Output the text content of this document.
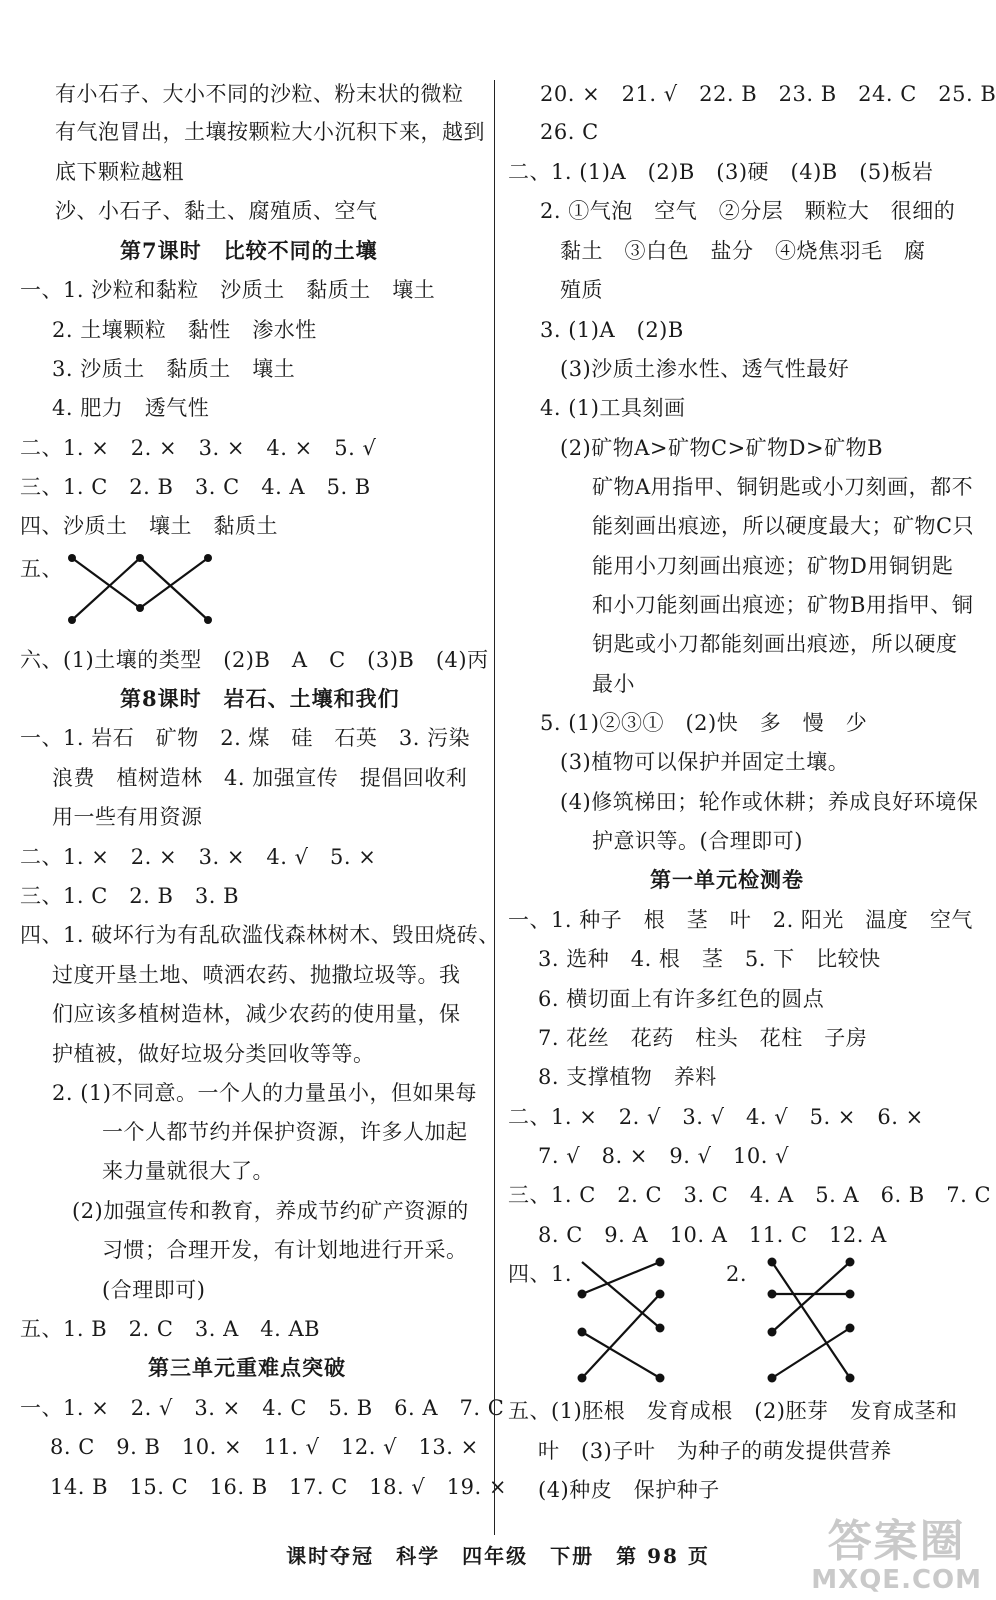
有小石子、大小不同的沙粒、粉末状的微粒
有气泡冒出，土壤按颗粒大小沉积下来，越到
底下颗粒越粗
沙、小石子、黏土、腐殖质、空气
第7课时　比较不同的土壤
一、1. 沙粒和黏粒　沙质土　黏质土　壤土
2. 土壤颗粒　黏性　渗水性
3. 沙质土　黏质土　壤土
4. 肥力　透气性
二、1. ×　2. ×　3. ×　4. ×　5. √
三、1. C　2. B　3. C　4. A　5. B
四、沙质土　壤土　黏质土
五、
六、(1)土壤的类型　(2)B　A　C　(3)B　(4)丙
第8课时　岩石、土壤和我们
一、1. 岩石　矿物　2. 煤　硅　石英　3. 污染
浪费　植树造林　4. 加强宣传　提倡回收利
用一些有用资源
二、1. ×　2. ×　3. ×　4. √　5. ×
三、1. C　2. B　3. B
四、1. 破坏行为有乱砍滥伐森林树木、毁田烧砖、
过度开垦土地、喷洒农药、抛撒垃圾等。我
们应该多植树造林，减少农药的使用量，保
护植被，做好垃圾分类回收等等。
2. (1)不同意。一个人的力量虽小，但如果每
一个人都节约并保护资源，许多人加起
来力量就很大了。
(2)加强宣传和教育，养成节约矿产资源的
习惯；合理开发，有计划地进行开采。
(合理即可)
五、1. B　2. C　3. A　4. AB
第三单元重难点突破
一、1. ×　2. √　3. ×　4. C　5. B　6. A　7. C
8. C　9. B　10. ×　11. √　12. √　13. ×
14. B　15. C　16. B　17. C　18. √　19. ×
20. ×　21. √　22. B　23. B　24. C　25. B
26. C
二、1. (1)A　(2)B　(3)硬　(4)B　(5)板岩
2. ①气泡　空气　②分层　颗粒大　很细的
黏土　③白色　盐分　④烧焦羽毛　腐
殖质
3. (1)A　(2)B
(3)沙质土渗水性、透气性最好
4. (1)工具刻画
(2)矿物A>矿物C>矿物D>矿物B
矿物A用指甲、铜钥匙或小刀刻画，都不
能刻画出痕迹，所以硬度最大；矿物C只
能用小刀刻画出痕迹；矿物D用铜钥匙
和小刀能刻画出痕迹；矿物B用指甲、铜
钥匙或小刀都能刻画出痕迹，所以硬度
最小
5. (1)②③①　(2)快　多　慢　少
(3)植物可以保护并固定土壤。
(4)修筑梯田；轮作或休耕；养成良好环境保
护意识等。(合理即可)
第一单元检测卷
一、1. 种子　根　茎　叶　2. 阳光　温度　空气
3. 选种　4. 根　茎　5. 下　比较快
6. 横切面上有许多红色的圆点
7. 花丝　花药　柱头　花柱　子房
8. 支撑植物　养料
二、1. ×　2. √　3. √　4. √　5. ×　6. ×
7. √　8. ×　9. √　10. √
三、1. C　2. C　3. C　4. A　5. A　6. B　7. C
8. C　9. A　10. A　11. C　12. A
四、1.	2.
五、(1)胚根　发育成根　(2)胚芽　发育成茎和
叶　(3)子叶　为种子的萌发提供营养
(4)种皮　保护种子
课时夺冠　科学　四年级　下册　第 98 页	答案圈
MXQE.COM
